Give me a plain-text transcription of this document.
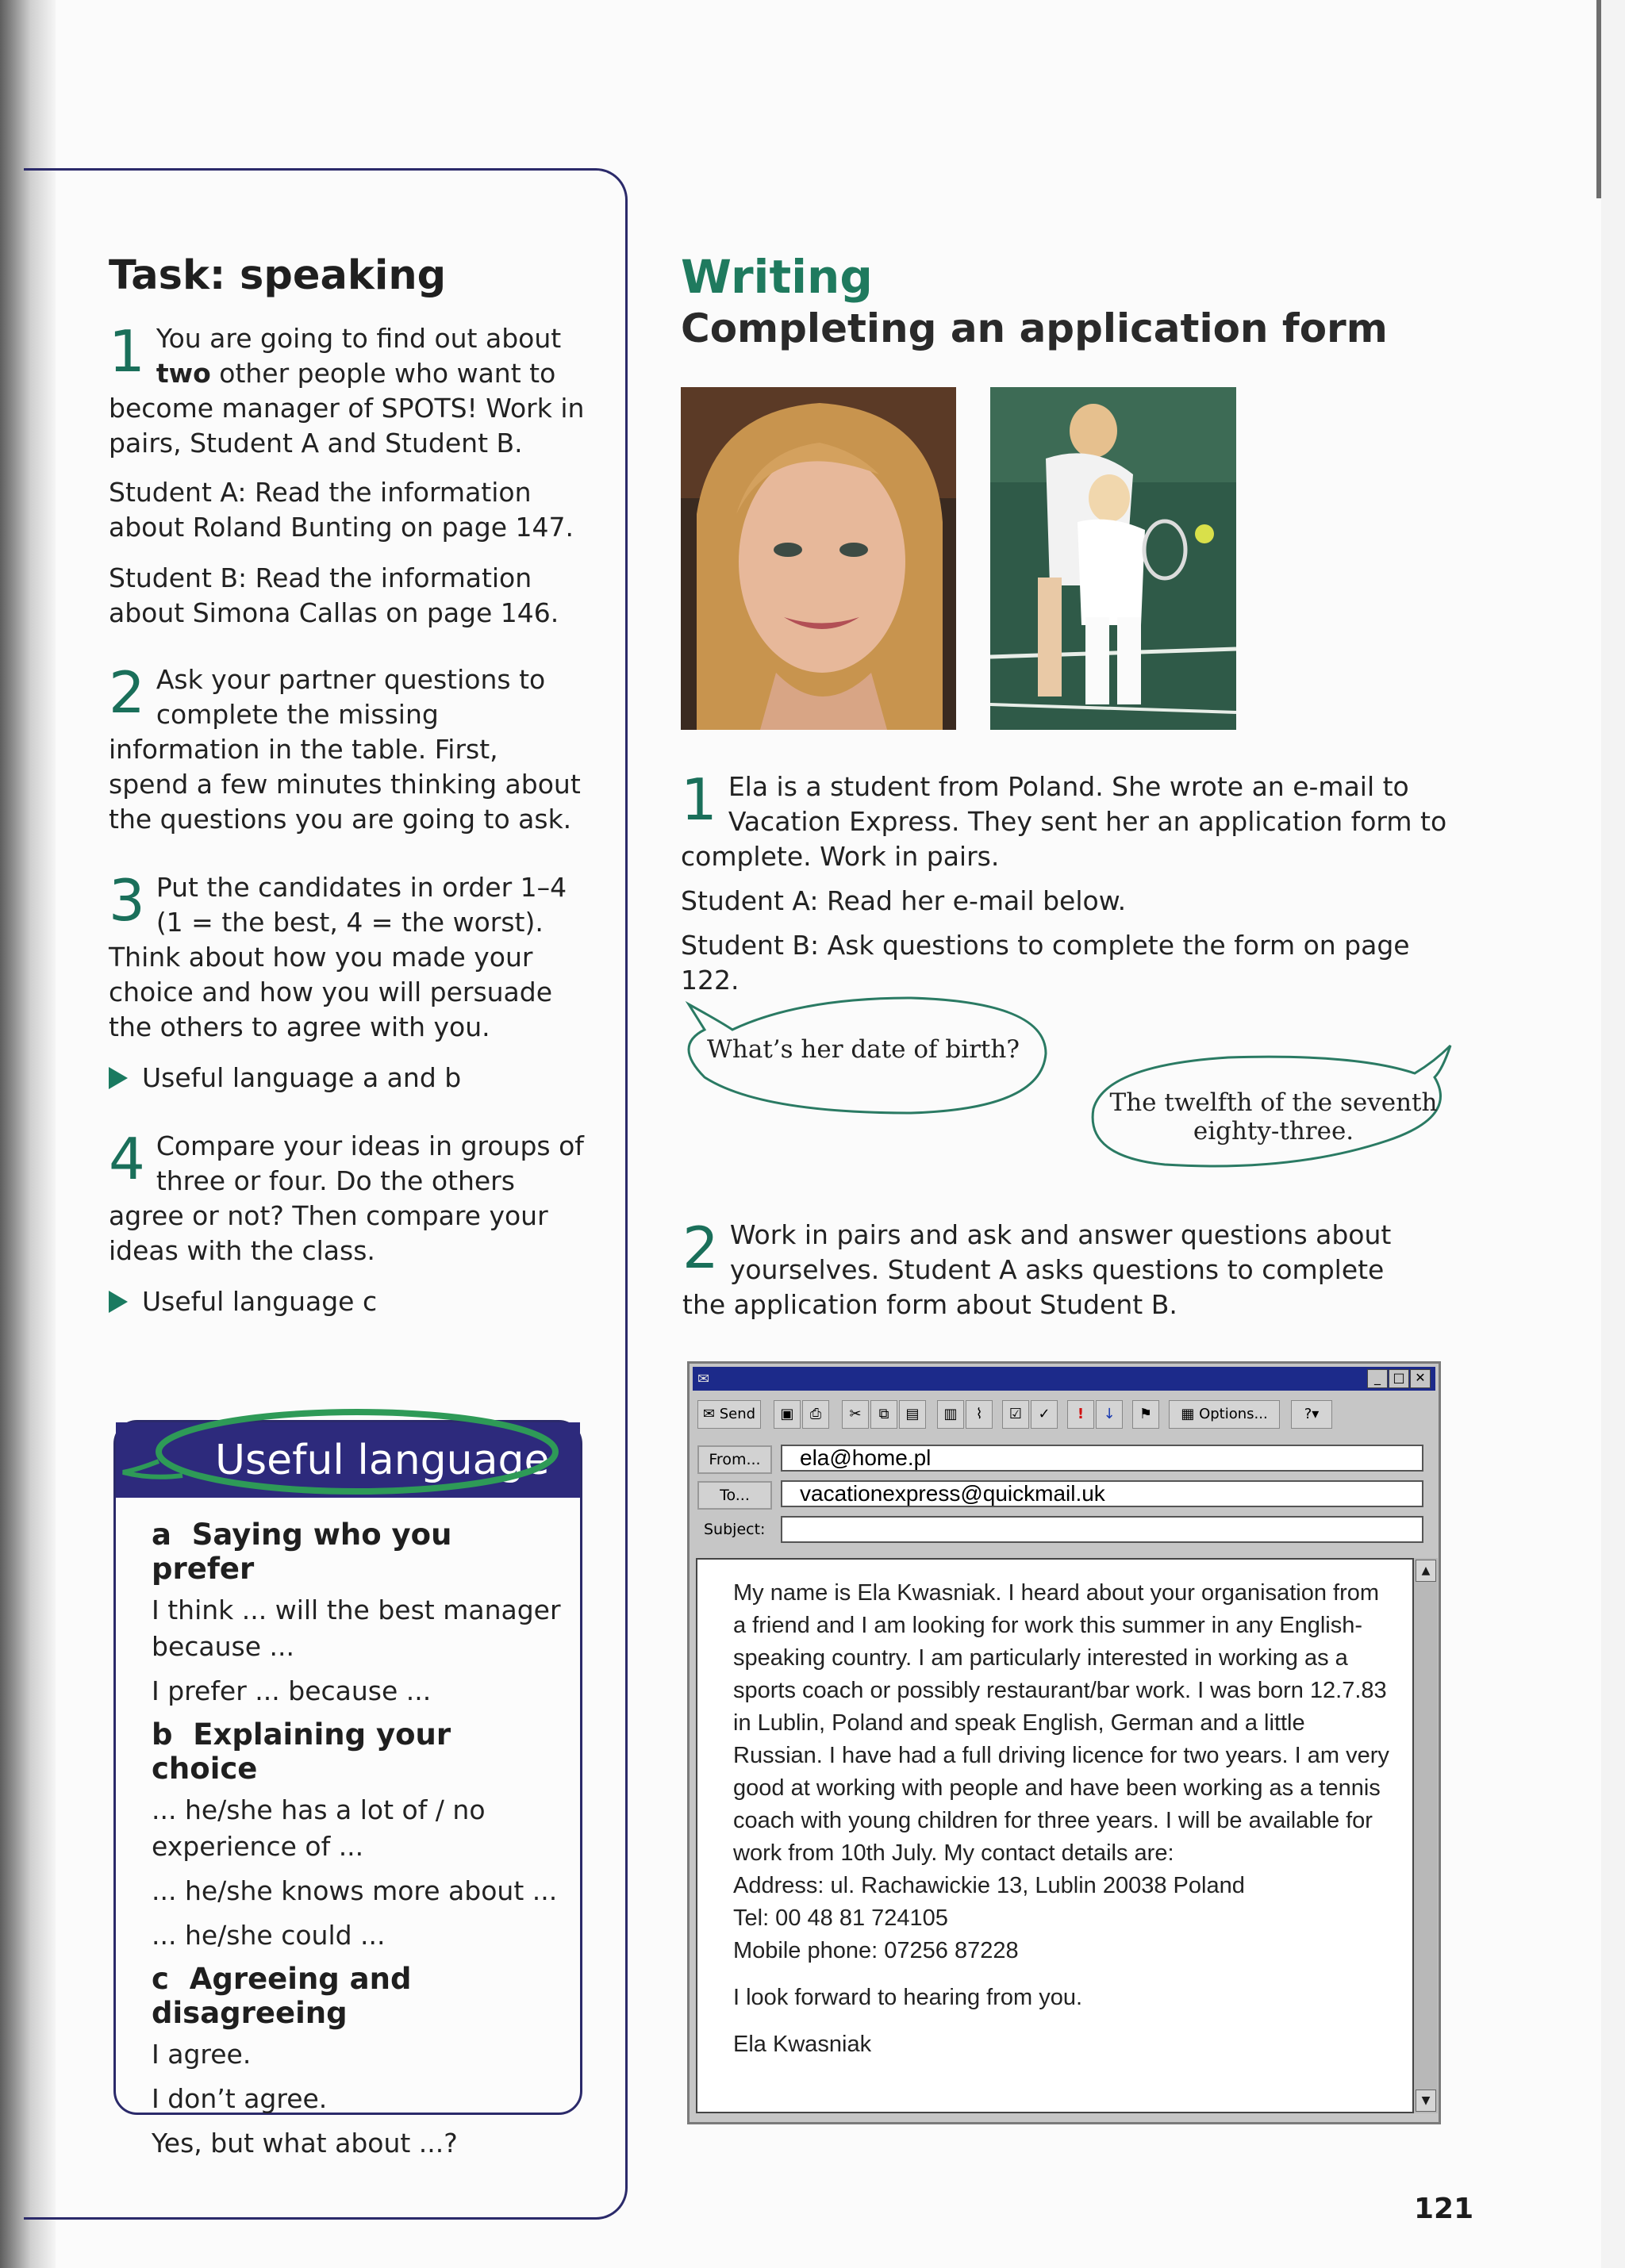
Task: speaking
1 You are going to find out about two other people who want to become manager of SPOTS! Work in pairs, Student A and Student B.

Student A: Read the information about Roland Bunting on page 147.

Student B: Read the information about Simona Callas on page 146.

2 Ask your partner questions to complete the missing information in the table. First, spend a few minutes thinking about the questions you are going to ask.

3 Put the candidates in order 1–4 (1 = the best, 4 = the worst). Think about how you made your choice and how you will persuade the others to agree with you.

Useful language a and b

4 Compare your ideas in groups of three or four. Do the others agree or not? Then compare your ideas with the class.

Useful language c

Useful language

a Saying who you prefer

I think ... will the best manager because ...

I prefer ... because ...

b Explaining your choice

... he/she has a lot of / no experience of ...

... he/she knows more about ...

... he/she could ...

c Agreeing and disagreeing

I agree.

I don’t agree.

Yes, but what about ...?

Writing
Completing an application form
1 Ela is a student from Poland. She wrote an e-mail to Vacation Express. They sent her an application form to complete. Work in pairs.

Student A: Read her e-mail below.

Student B: Ask questions to complete the form on page 122.

What’s her date of birth?
The twelfth of the seventh
eighty-three.
2 Work in pairs and ask and answer questions about yourselves. Student A asks questions to complete the application form about Student B.

✉	_ □ ✕
✉ Send	▣	⎙	✂	⧉	▤	▥	⌇	☑	✓	!	↓	⚑	▦ Options...	?▾
From...	ela@home.pl
To...	vacationexpress@quickmail.uk
Subject:

My name is Ela Kwasniak. I heard about your organisation from a friend and I am looking for work this summer in any English-speaking country. I am particularly interested in working as a sports coach or possibly restaurant/bar work. I was born 12.7.83 in Lublin, Poland and speak English, German and a little Russian. I have had a full driving licence for two years. I am very good at working with people and have been working as a tennis coach with young children for three years. I will be available for work from 10th July. My contact details are:

Address: ul. Rachawickie 13, Lublin 20038 Poland

Tel: 00 48 81 724105

Mobile phone: 07256 87228

I look forward to hearing from you.

Ela Kwasniak

▲
▼
121
